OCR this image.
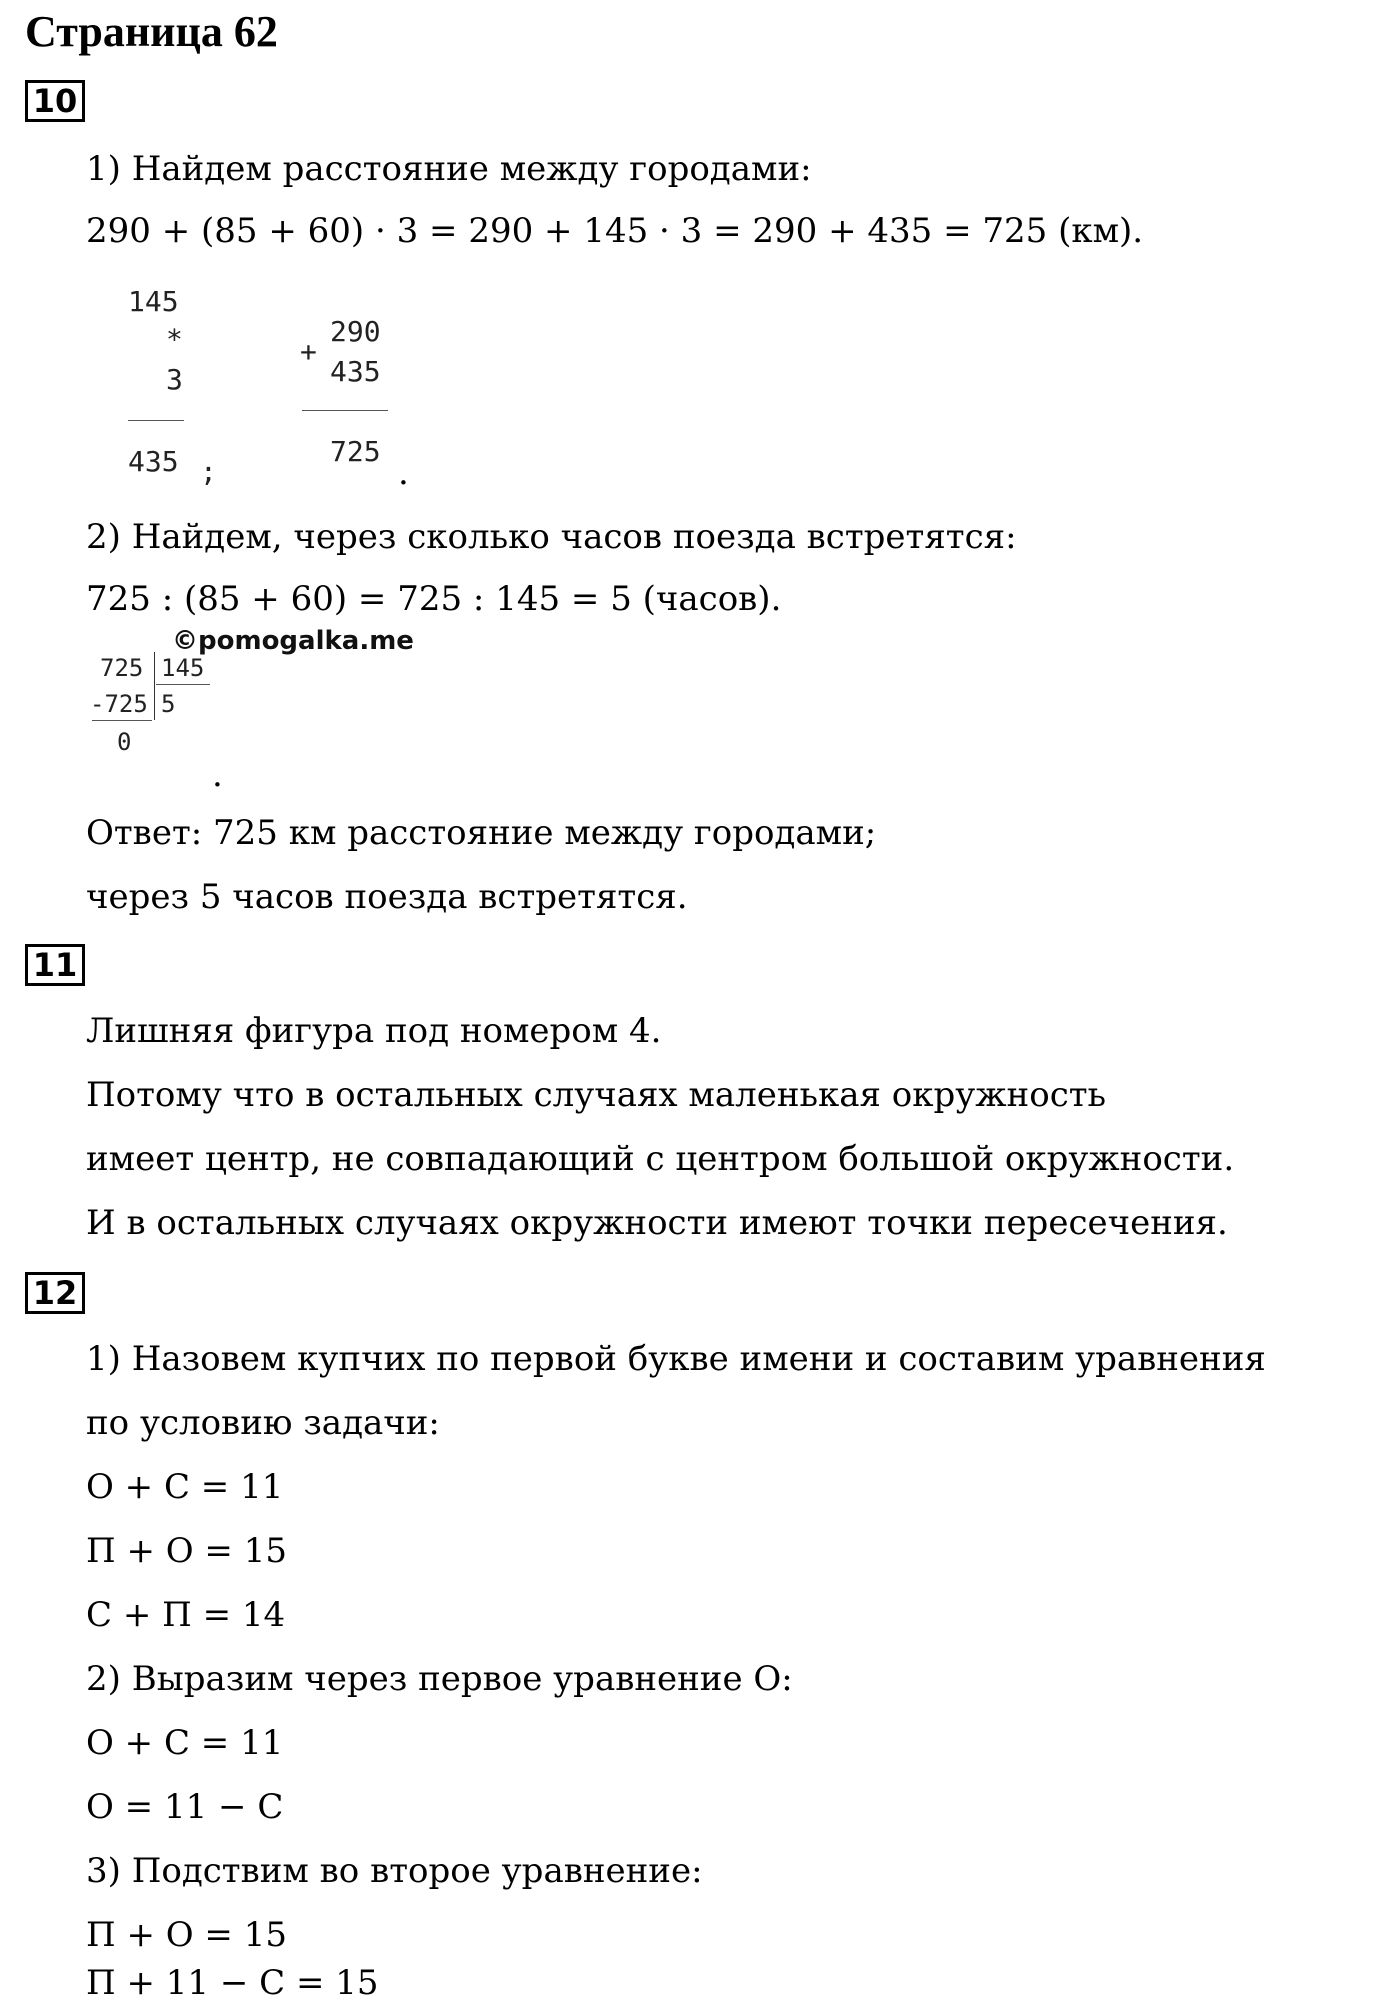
Страница 62
10
1) Найдем расстояние между городами:
290 + (85 + 60) · 3 = 290 + 145 · 3 = 290 + 435 = 725 (км).
145
*
3
435 ;
+
290
435
725
.
2) Найдем, через сколько часов поезда встретятся:
725 : (85 + 60) = 725 : 145 = 5 (часов).
©pomogalka.me
725 145
-725 5
0
.
Ответ: 725 км расстояние между городами;
через 5 часов поезда встретятся.
11
Лишняя фигура под номером 4.
Потому что в остальных случаях маленькая окружность
имеет центр, не совпадающий с центром большой окружности.
И в остальных случаях окружности имеют точки пересечения.
12
1) Назовем купчих по первой букве имени и составим уравнения
по условию задачи:
О + С = 11
П + О = 15
С + П = 14
2) Выразим через первое уравнение О:
О + С = 11
О = 11 − С
3) Подствим во второе уравнение:
П + О = 15
П + 11 − С = 15
